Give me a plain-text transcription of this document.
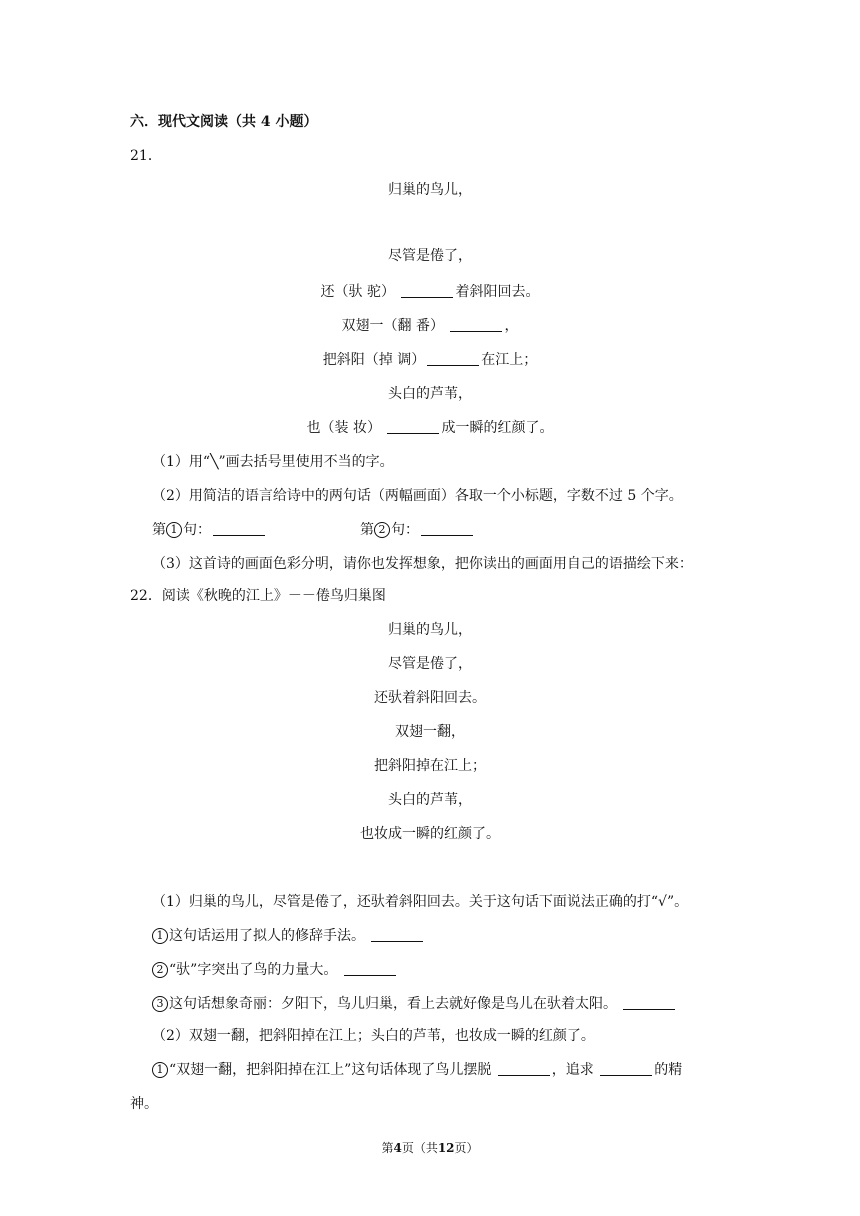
六．现代文阅读（共 4 小题）
21．
归巢的鸟儿，
尽管是倦了，
还（驮 驼）	着斜阳回去。
双翅一（翻 番）	，
把斜阳（掉 调）	在江上；
头白的芦苇，
也（装 妆）	成一瞬的红颜了。
（1）用“╲”画去括号里使用不当的字。
（2）用简洁的语言给诗中的两句话（两幅画面）各取一个小标题，字数不过 5 个字。
第 1 句：	第 2 句：
（3）这首诗的画面色彩分明，请你也发挥想象，把你读出的画面用自己的语描绘下来：
22．阅读《秋晚的江上》－－倦鸟归巢图
归巢的鸟儿，
尽管是倦了，
还驮着斜阳回去。
双翅一翻，
把斜阳掉在江上；
头白的芦苇，
也妆成一瞬的红颜了。
（1）归巢的鸟儿，尽管是倦了，还驮着斜阳回去。关于这句话下面说法正确的打“√”。
1 这句话运用了拟人的修辞手法。
2 “驮”字突出了鸟的力量大。
3 这句话想象奇丽：夕阳下，鸟儿归巢，看上去就好像是鸟儿在驮着太阳。
（2）双翅一翻，把斜阳掉在江上；头白的芦苇，也妆成一瞬的红颜了。
1 “双翅一翻，把斜阳掉在江上”这句话体现了鸟儿摆脱	，追求	的精
神。
第4页（共12页）
